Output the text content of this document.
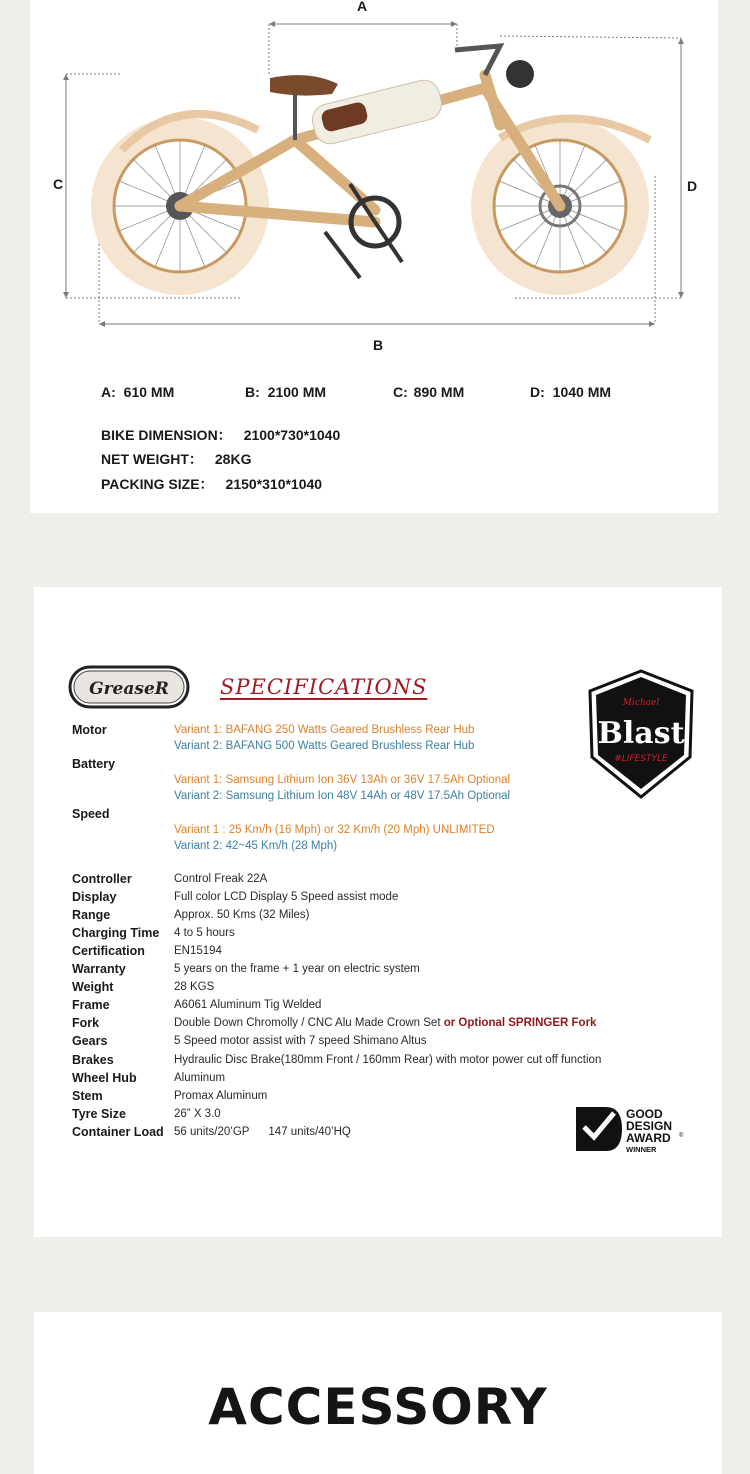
A
C	D
B
A: 610 MM	B: 2100 MM	C: 890 MM	D: 1040 MM
BIKE DIMENSION： 2100*730*1040
NET WEIGHT： 28KG
PACKING SIZE： 2150*310*1040
GreaseR SPECIFICATIONS
Michael
Blast
#LIFESTYLE
Motor	Variant 1: BAFANG 250 Watts Geared Brushless Rear Hub
Variant 2: BAFANG 500 Watts Geared Brushless Rear Hub
Battery
Variant 1: Samsung Lithium Ion 36V 13Ah or 36V 17.5Ah Optional
Variant 2: Samsung Lithium Ion 48V 14Ah or 48V 17.5Ah Optional
Speed
Variant 1 : 25 Km/h (16 Mph) or 32 Km/h (20 Mph) UNLIMITED
Variant 2: 42~45 Km/h (28 Mph)
Controller	Control Freak 22A
Display	Full color LCD Display 5 Speed assist mode
Range	Approx. 50 Kms (32 Miles)
Charging Time 4 to 5 hours
Certification	EN15194
Warranty	5 years on the frame + 1 year on electric system
Weight	28 KGS
Frame	A6061 Aluminum Tig Welded
Fork	Double Down Chromolly / CNC Alu Made Crown Set or Optional SPRINGER Fork
Gears	5 Speed motor assist with 7 speed Shimano Altus
Brakes	Hydraulic Disc Brake(180mm Front / 160mm Rear) with motor power cut off function
Wheel Hub	Aluminum
Stem	Promax Aluminum
Tyre Size	26” X 3.0
Container Load 56 units/20’GP      147 units/40’HQ
GOOD
DESIGN
AWARD ®
WINNER
ACCESSORY
